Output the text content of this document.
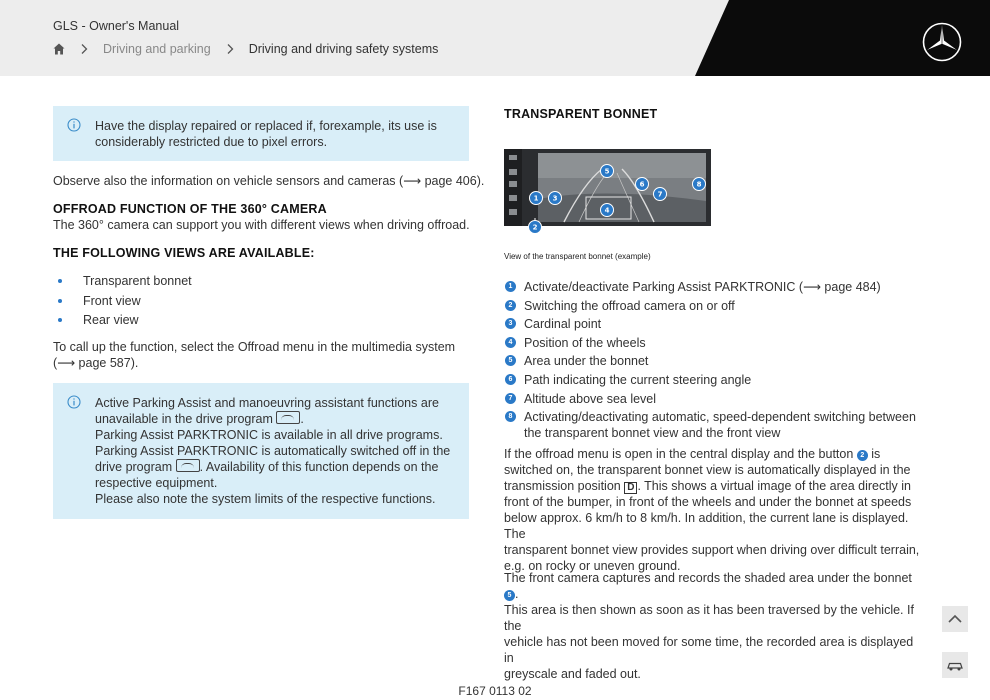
GLS - Owner's Manual
Driving and parking	Driving and driving safety systems
Have the display repaired or replaced if, forexample, its use is
considerably restricted due to pixel errors.
Observe also the information on vehicle sensors and cameras (⟶ page 406).
OFFROAD FUNCTION OF THE 360° CAMERA
The 360° camera can support you with different views when driving offroad.
THE FOLLOWING VIEWS ARE AVAILABLE:
Transparent bonnet
Front view
Rear view
To call up the function, select the Offroad menu in the multimedia system
(⟶ page 587).
Active Parking Assist and manoeuvring assistant functions are
unavailable in the drive program .
Parking Assist PARKTRONIC is available in all drive programs.
Parking Assist PARKTRONIC is automatically switched off in the
drive program . Availability of this function depends on the
respective equipment.
Please also note the system limits of the respective functions.
TRANSPARENT BONNET
1 3
5
6
7
8
4
2
View of the transparent bonnet (example)
1 Activate/deactivate Parking Assist PARKTRONIC (⟶ page 484)
2 Switching the offroad camera on or off
3 Cardinal point
4 Position of the wheels
5 Area under the bonnet
6 Path indicating the current steering angle
7 Altitude above sea level
8 Activating/deactivating automatic, speed-dependent switching between
the transparent bonnet view and the front view
If the offroad menu is open in the central display and the button 2 is
switched on, the transparent bonnet view is automatically displayed in the
transmission position D . This shows a virtual image of the area directly in
front of the bumper, in front of the wheels and under the bonnet at speeds
below approx. 6 km/h to 8 km/h. In addition, the current lane is displayed. The
transparent bonnet view provides support when driving over difficult terrain,
e.g. on rocky or uneven ground.
The front camera captures and records the shaded area under the bonnet 5 .
This area is then shown as soon as it has been traversed by the vehicle. If the
vehicle has not been moved for some time, the recorded area is displayed in
greyscale and faded out.
F167 0113 02
